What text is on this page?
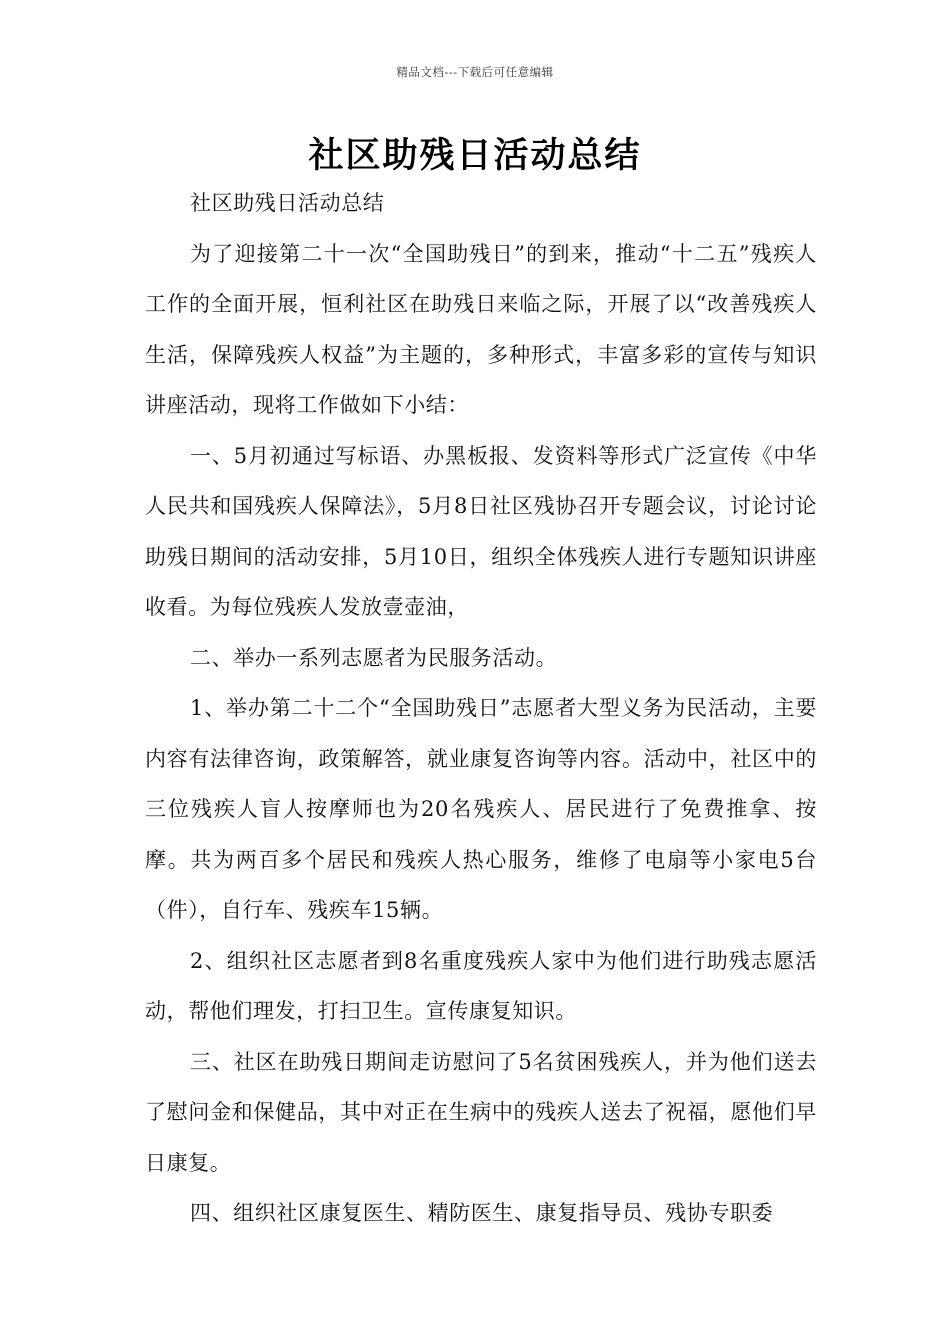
精品文档---下载后可任意编辑
社区助残日活动总结

社区助残日活动总结

为了迎接第二十一次“全国助残日”的到来，推动“十二五”残疾人工作的全面开展，恒利社区在助残日来临之际，开展了以“改善残疾人生活，保障残疾人权益”为主题的，多种形式，丰富多彩的宣传与知识讲座活动，现将工作做如下小结：

一、5月初通过写标语、办黑板报、发资料等形式广泛宣传《中华人民共和国残疾人保障法》，5月8日社区残协召开专题会议，讨论讨论助残日期间的活动安排，5月10日，组织全体残疾人进行专题知识讲座收看。为每位残疾人发放壹壶油，

二、举办一系列志愿者为民服务活动。

1、举办第二十二个“全国助残日”志愿者大型义务为民活动，主要内容有法律咨询，政策解答，就业康复咨询等内容。活动中，社区中的三位残疾人盲人按摩师也为20名残疾人、居民进行了免费推拿、按摩。共为两百多个居民和残疾人热心服务，维修了电扇等小家电5台（件），自行车、残疾车15辆。

2、组织社区志愿者到8名重度残疾人家中为他们进行助残志愿活动，帮他们理发，打扫卫生。宣传康复知识。

三、社区在助残日期间走访慰问了5名贫困残疾人，并为他们送去了慰问金和保健品，其中对正在生病中的残疾人送去了祝福，愿他们早日康复。

四、组织社区康复医生、精防医生、康复指导员、残协专职委
